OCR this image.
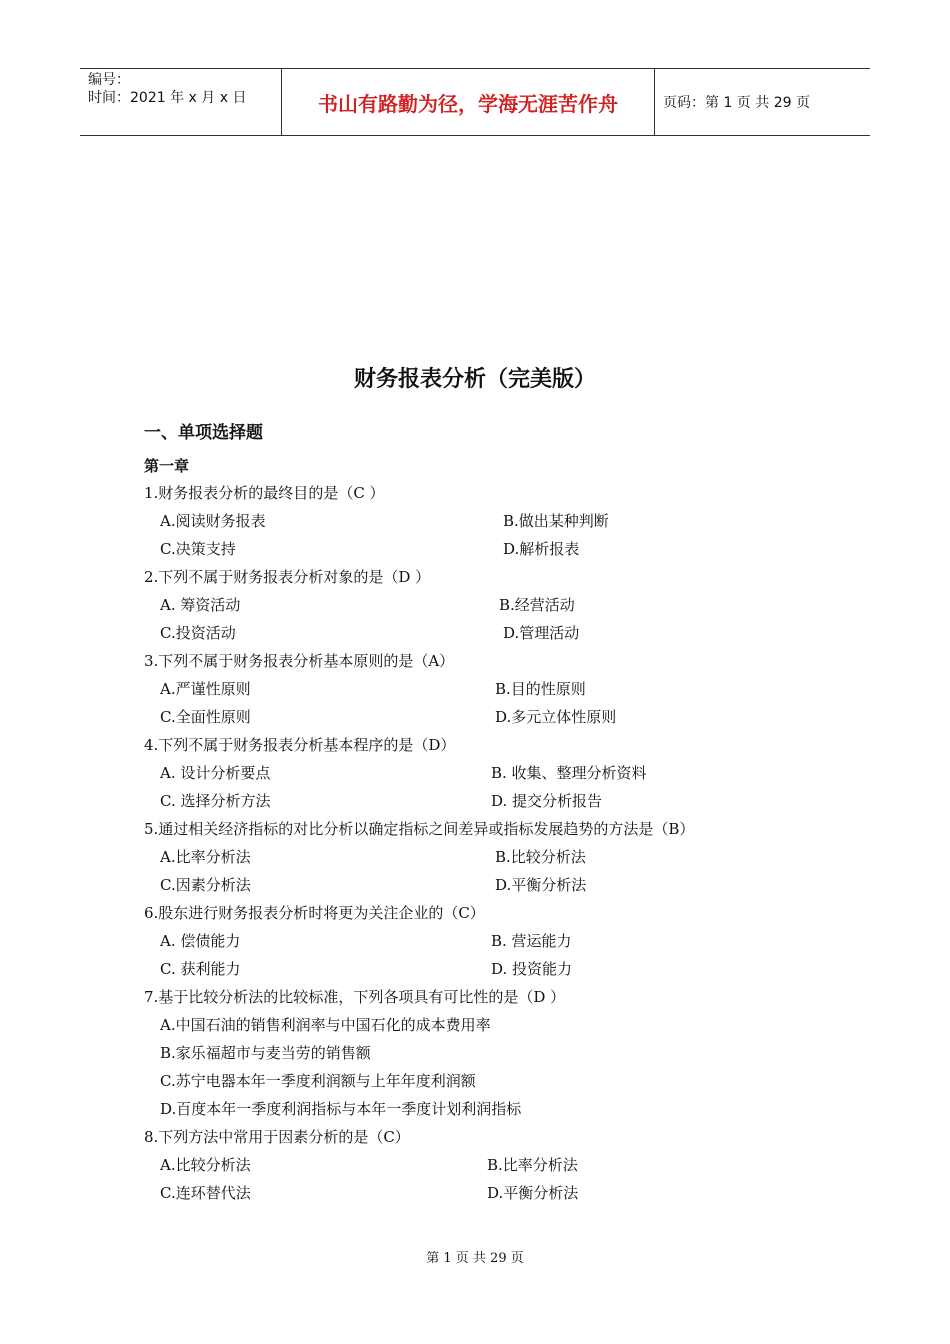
编号：
时间：2021 年 x 月 x 日	书山有路勤为径，学海无涯苦作舟	页码：第 1 页 共 29 页
财务报表分析（完美版）
一、单项选择题
第一章
1.财务报表分析的最终目的是（C ）
A.阅读财务报表	B.做出某种判断
C.决策支持	D.解析报表
2.下列不属于财务报表分析对象的是（D ）
A. 筹资活动	B.经营活动
C.投资活动	D.管理活动
3.下列不属于财务报表分析基本原则的是（A）
A.严谨性原则	B.目的性原则
C.全面性原则	D.多元立体性原则
4.下列不属于财务报表分析基本程序的是（D）
A. 设计分析要点	B. 收集、整理分析资料
C. 选择分析方法	D. 提交分析报告
5.通过相关经济指标的对比分析以确定指标之间差异或指标发展趋势的方法是（B）
A.比率分析法	B.比较分析法
C.因素分析法	D.平衡分析法
6.股东进行财务报表分析时将更为关注企业的（C）
A. 偿债能力	B. 营运能力
C. 获利能力	D. 投资能力
7.基于比较分析法的比较标准，下列各项具有可比性的是（D ）
A.中国石油的销售利润率与中国石化的成本费用率
B.家乐福超市与麦当劳的销售额
C.苏宁电器本年一季度利润额与上年年度利润额
D.百度本年一季度利润指标与本年一季度计划利润指标
8.下列方法中常用于因素分析的是（C）
A.比较分析法	B.比率分析法
C.连环替代法	D.平衡分析法
第 1 页 共 29 页
